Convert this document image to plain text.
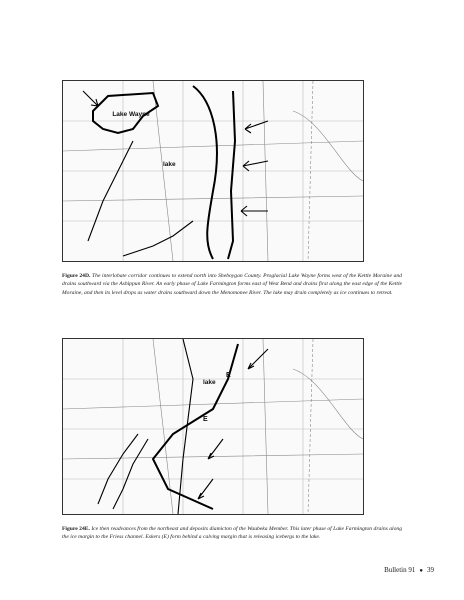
Lake Wayne
lake

Figure 24D. The interlobate corridor continues to extend north into Sheboygan County. Proglacial Lake Wayne forms west of the Kettle Moraine and drains southward via the Ashippun River. An early phase of Lake Farmington forms east of West Bend and drains first along the east edge of the Kettle Moraine, and then its level drops as water drains southward down the Menomonee River. The lake may drain completely as ice continues to retreat.

lake
E
E

Figure 24E. Ice then readvances from the northeast and deposits diamicton of the Waubeka Member. This later phase of Lake Farmington drains along the ice margin to the Friess channel. Eskers (E) form behind a calving margin that is releasing icebergs to the lake.

Bulletin 91 ● 39
